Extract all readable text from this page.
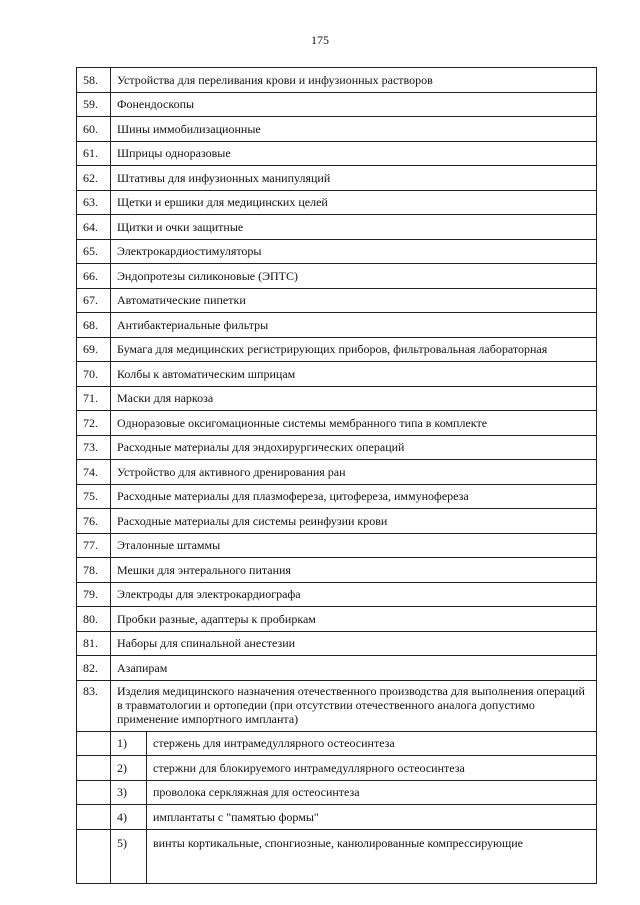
175
58.	Устройства для переливания крови и инфузионных растворов	
59.	Фонендоскопы	
60.	Шины иммобилизационные	
61.	Шприцы одноразовые	
62.	Штативы для инфузионных манипуляций	
63.	Щетки и ершики для медицинских целей	
64.	Щитки и очки защитные	
65.	Электрокардиостимуляторы	
66.	Эндопротезы силиконовые (ЭПТС)	
67.	Автоматические пипетки	
68.	Антибактериальные фильтры	
69.	Бумага для медицинских регистрирующих приборов, фильтровальная лабораторная	
70.	Колбы к автоматическим шприцам	
71.	Маски для наркоза	
72.	Одноразовые оксигомационные системы мембранного типа в комплекте	
73.	Расходные материалы для эндохирургических операций	
74.	Устройство для активного дренирования ран	
75.	Расходные материалы для плазмофереза, цитофереза, иммунофереза	
76.	Расходные материалы для системы реинфузии крови	
77.	Эталонные штаммы	
78.	Мешки для энтерального питания	
79.	Электроды для электрокардиографа	
80.	Пробки разные, адаптеры к пробиркам	
81.	Наборы для спинальной анестезии	
82.	Азапирам	
83.	Изделия медицинского назначения отечественного производства для выполнения операций в травматологии и ортопедии (при отсутствии отечественного аналога допустимо применение импортного импланта)	
	1)	стержень для интрамедуллярного остеосинтеза
	2)	стержни для блокируемого интрамедуллярного остеосинтеза
	3)	проволока серкляжная для остеосинтеза
	4)	имплантаты с "памятью формы"
	5)	винты кортикальные, спонгиозные, канюлированные компрессирующие
